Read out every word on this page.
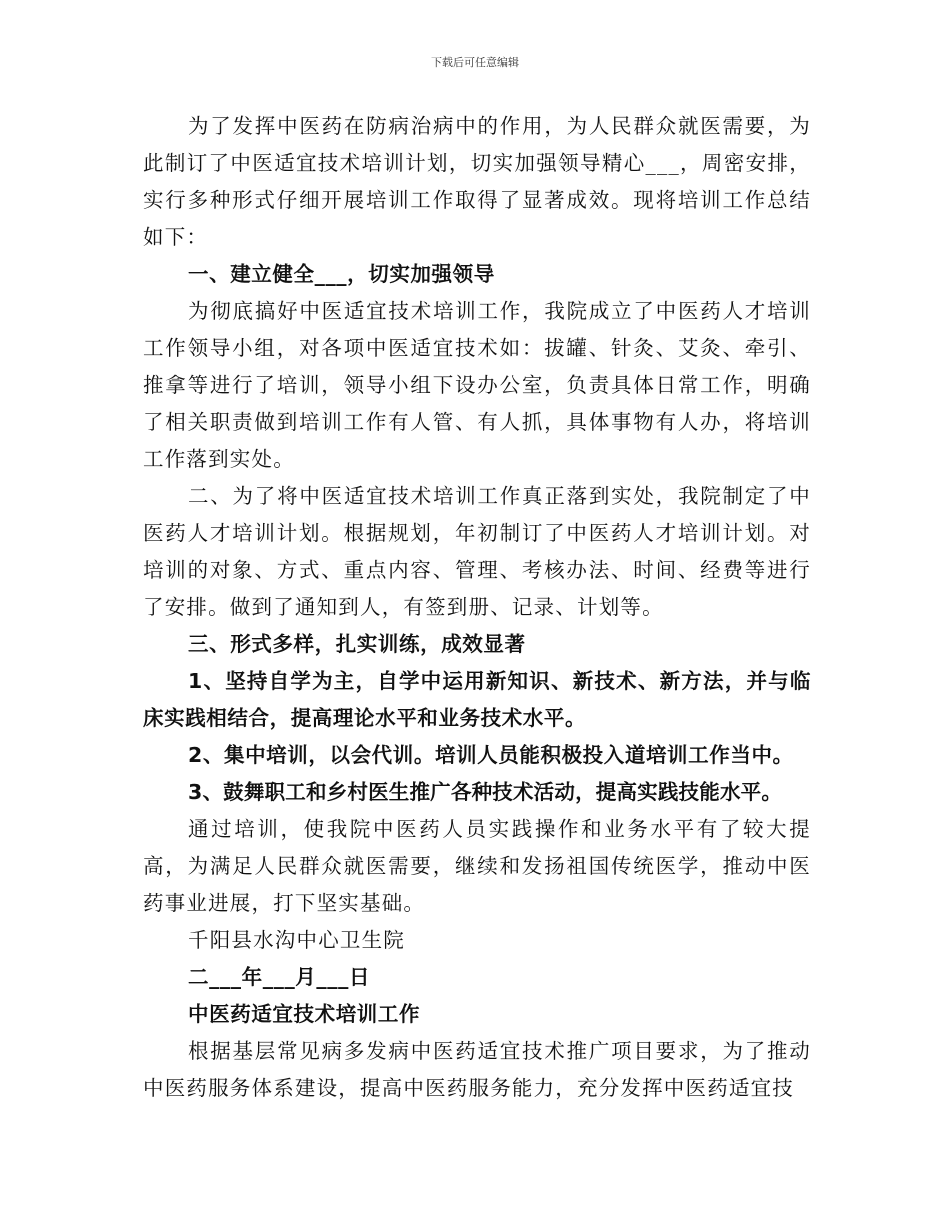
下载后可任意编辑

为了发挥中医药在防病治病中的作用，为人民群众就医需要，为此制订了中医适宜技术培训计划，切实加强领导精心___，周密安排，实行多种形式仔细开展培训工作取得了显著成效。现将培训工作总结如下：

一、建立健全___，切实加强领导

为彻底搞好中医适宜技术培训工作，我院成立了中医药人才培训工作领导小组，对各项中医适宜技术如：拔罐、针灸、艾灸、牵引、推拿等进行了培训，领导小组下设办公室，负责具体日常工作，明确了相关职责做到培训工作有人管、有人抓，具体事物有人办，将培训工作落到实处。

二、为了将中医适宜技术培训工作真正落到实处，我院制定了中医药人才培训计划。根据规划，年初制订了中医药人才培训计划。对培训的对象、方式、重点内容、管理、考核办法、时间、经费等进行了安排。做到了通知到人，有签到册、记录、计划等。

三、形式多样，扎实训练，成效显著

1、坚持自学为主，自学中运用新知识、新技术、新方法，并与临床实践相结合，提高理论水平和业务技术水平。

2、集中培训，以会代训。培训人员能积极投入道培训工作当中。

3、鼓舞职工和乡村医生推广各种技术活动，提高实践技能水平。

通过培训，使我院中医药人员实践操作和业务水平有了较大提高，为满足人民群众就医需要，继续和发扬祖国传统医学，推动中医药事业进展，打下坚实基础。

千阳县水沟中心卫生院

二___年___月___日

中医药适宜技术培训工作

根据基层常见病多发病中医药适宜技术推广项目要求，为了推动中医药服务体系建设，提高中医药服务能力，充分发挥中医药适宜技
